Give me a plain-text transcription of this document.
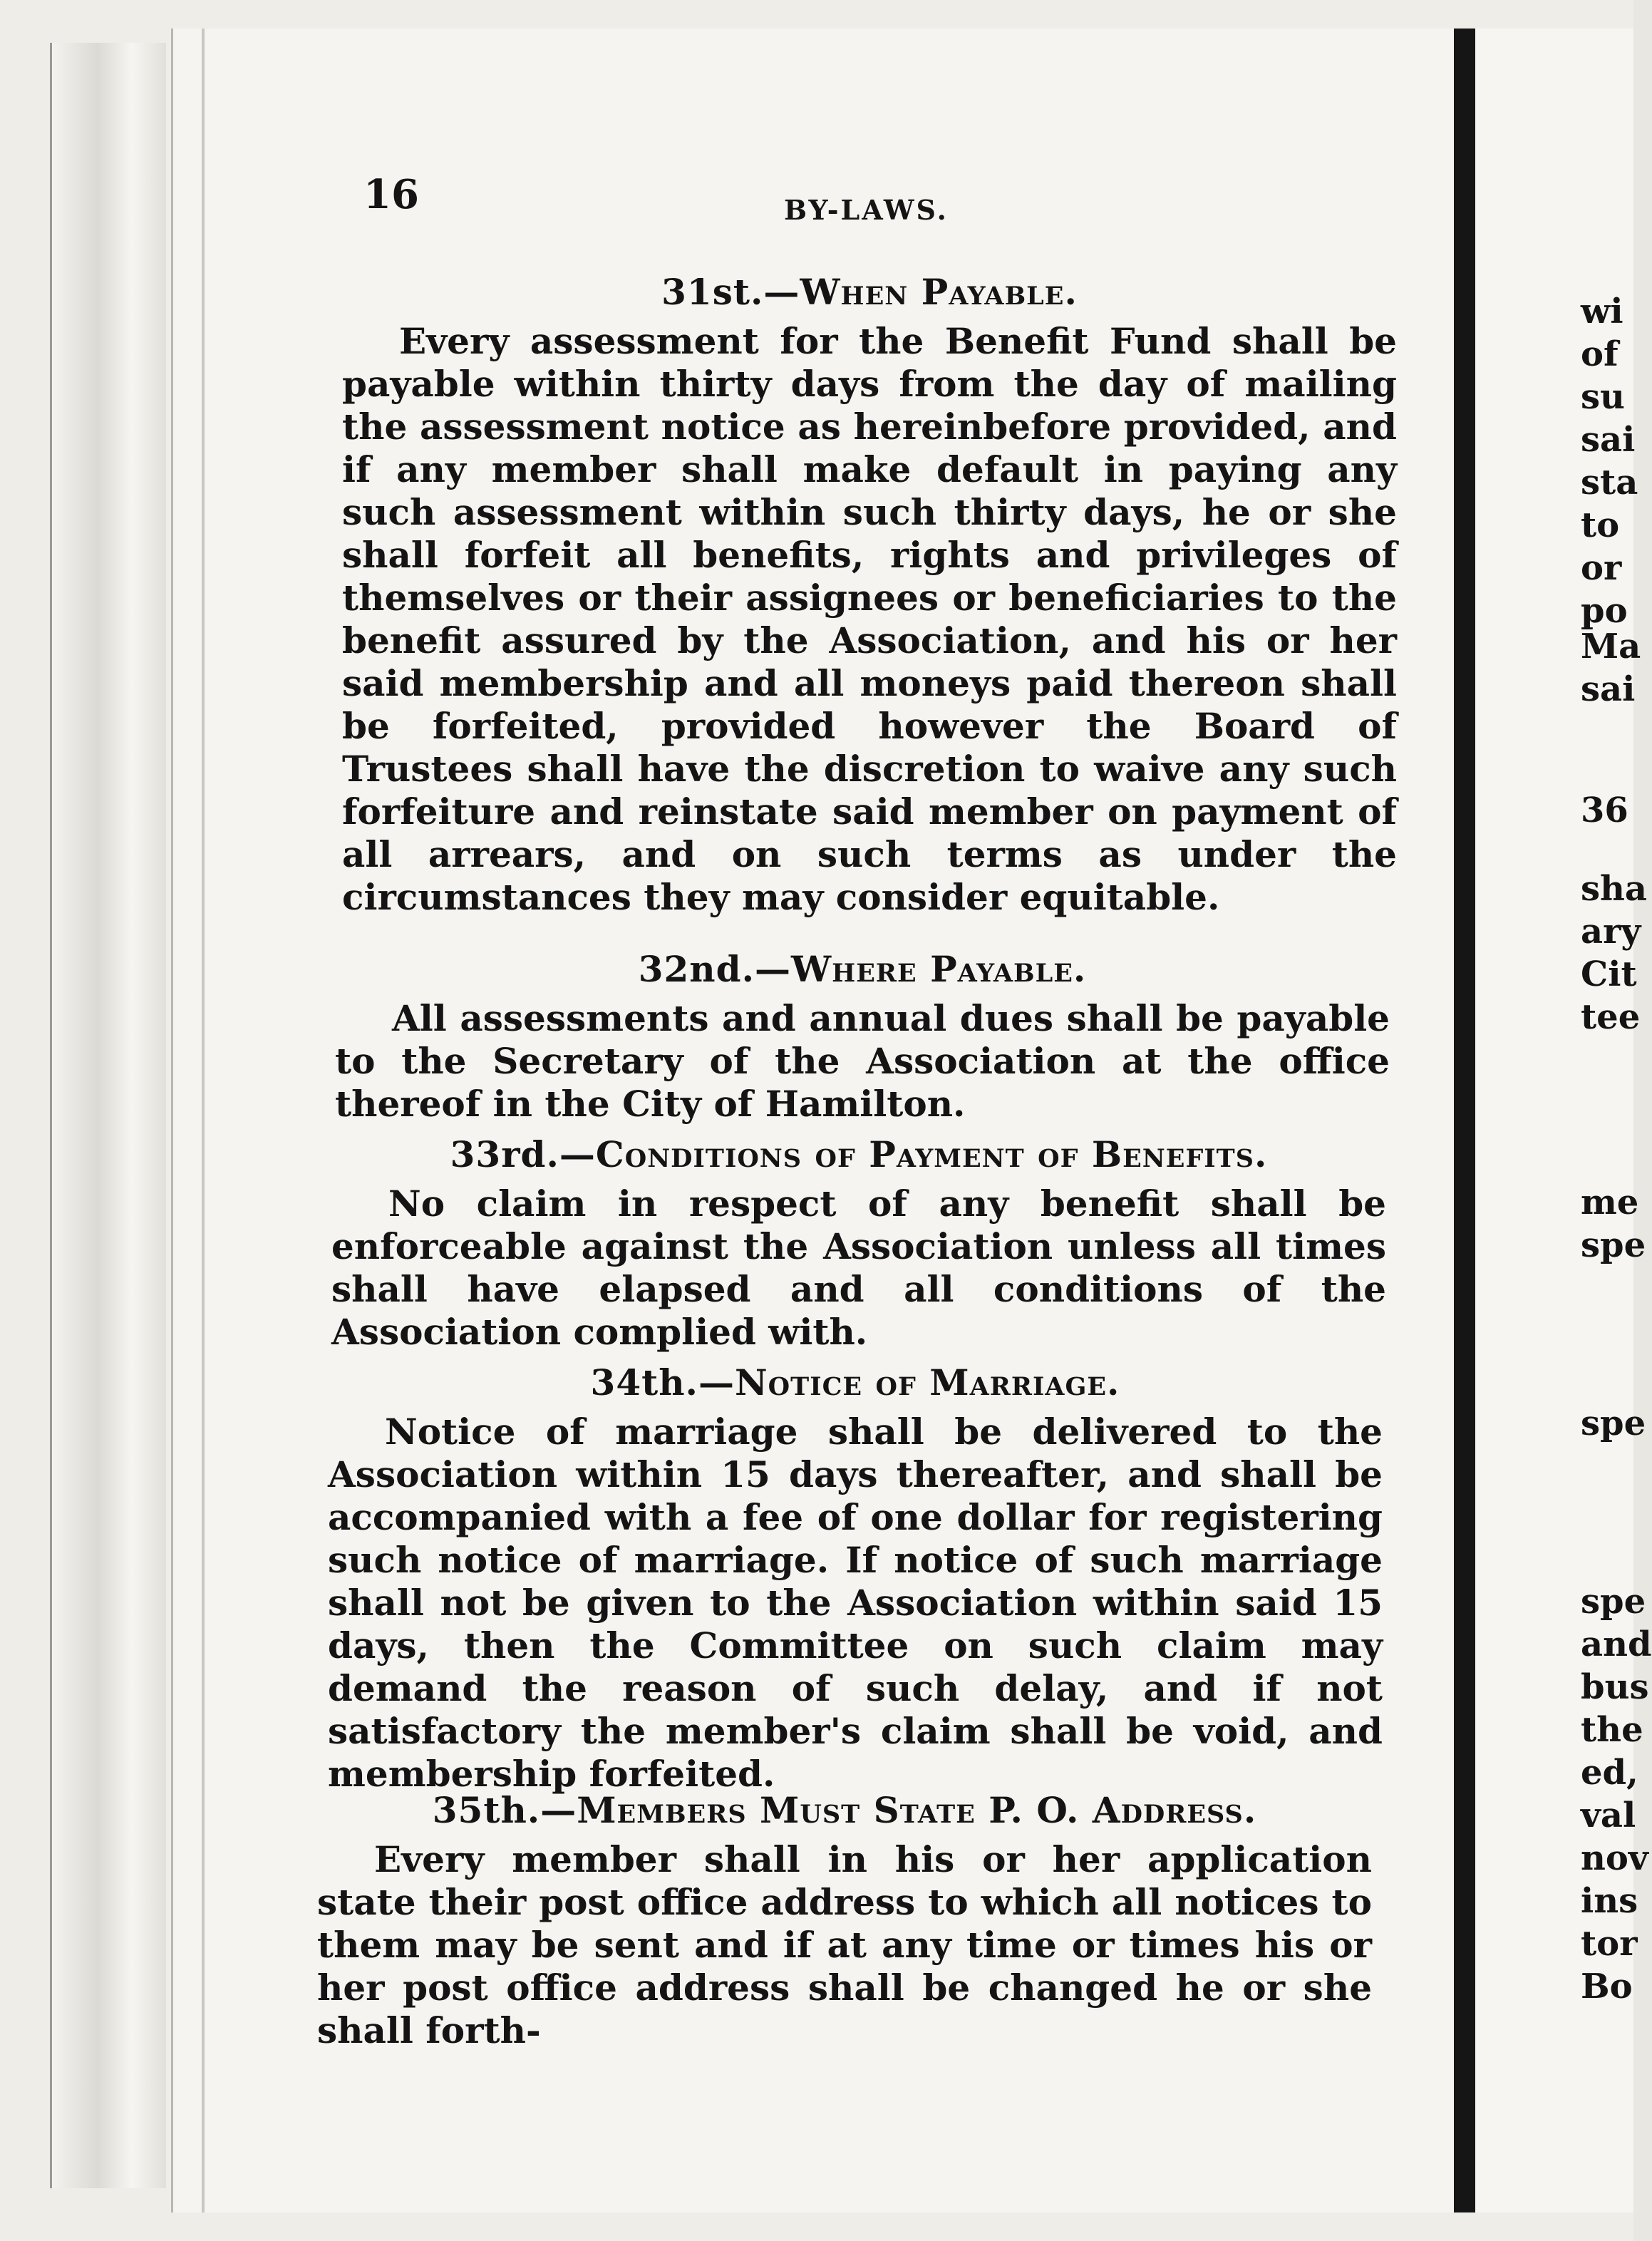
16	BY-LAWS.

31st.—When Payable.

Every assessment for the Benefit Fund shall be payable within thirty days from the day of mailing the assessment notice as hereinbefore provided, and if any member shall make default in paying any such assessment within such thirty days, he or she shall forfeit all benefits, rights and privileges of themselves or their assignees or beneficiaries to the benefit assured by the Association, and his or her said membership and all moneys paid thereon shall be forfeited, provided however the Board of Trustees shall have the discretion to waive any such forfeiture and reinstate said member on payment of all arrears, and on such terms as under the circumstances they may consider equitable.

32nd.—Where Payable.

All assessments and annual dues shall be payable to the Secretary of the Association at the office thereof in the City of Hamilton.

33rd.—Conditions of Payment of Benefits.

No claim in respect of any benefit shall be enforceable against the Association unless all times shall have elapsed and all conditions of the Association complied with.

34th.—Notice of Marriage.

Notice of marriage shall be delivered to the Association within 15 days thereafter, and shall be accompanied with a fee of one dollar for registering such notice of marriage. If notice of such marriage shall not be given to the Association within said 15 days, then the Committee on such claim may demand the reason of such delay, and if not satisfactory the member's claim shall be void, and membership forfeited.

35th.—Members Must State P. O. Address.

Every member shall in his or her application state their post office address to which all notices to them may be sent and if at any time or times his or her post office address shall be changed he or she shall forth-

wi
of
su
sai
sta
to
or
po
Ma
sai
36
sha
ary
Cit
tee
me
spe
spe
spe
and
bus
the
ed,
val
nov
ins
tor
Bo
